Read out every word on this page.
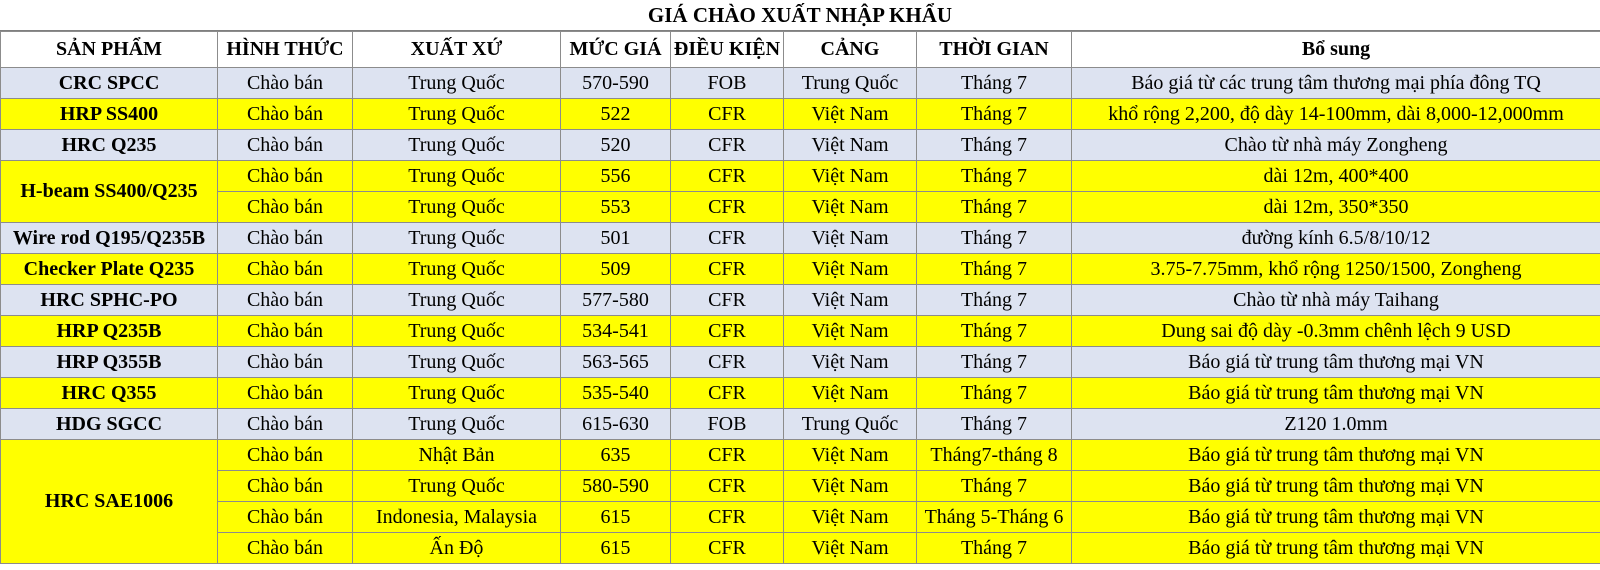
GIÁ CHÀO XUẤT NHẬP KHẨU
SẢN PHẨM	HÌNH THỨC	XUẤT XỨ	MỨC GIÁ	ĐIỀU KIỆN	CẢNG	THỜI GIAN	Bổ sung
CRC SPCC	Chào bán	Trung Quốc	570-590	FOB	Trung Quốc	Tháng 7	Báo giá từ các trung tâm thương mại phía đông TQ
HRP SS400	Chào bán	Trung Quốc	522	CFR	Việt Nam	Tháng 7	khổ rộng 2,200, độ dày 14-100mm, dài 8,000-12,000mm
HRC Q235	Chào bán	Trung Quốc	520	CFR	Việt Nam	Tháng 7	Chào từ nhà máy Zongheng
H-beam SS400/Q235	Chào bán	Trung Quốc	556	CFR	Việt Nam	Tháng 7	dài 12m, 400*400
	Chào bán	Trung Quốc	553	CFR	Việt Nam	Tháng 7	dài 12m, 350*350
Wire rod Q195/Q235B	Chào bán	Trung Quốc	501	CFR	Việt Nam	Tháng 7	đường kính 6.5/8/10/12
Checker Plate Q235	Chào bán	Trung Quốc	509	CFR	Việt Nam	Tháng 7	3.75-7.75mm, khổ rộng 1250/1500, Zongheng
HRC SPHC-PO	Chào bán	Trung Quốc	577-580	CFR	Việt Nam	Tháng 7	Chào từ nhà máy Taihang
HRP Q235B	Chào bán	Trung Quốc	534-541	CFR	Việt Nam	Tháng 7	Dung sai độ dày -0.3mm chênh lệch 9 USD
HRP Q355B	Chào bán	Trung Quốc	563-565	CFR	Việt Nam	Tháng 7	Báo giá từ trung tâm thương mại VN
HRC Q355	Chào bán	Trung Quốc	535-540	CFR	Việt Nam	Tháng 7	Báo giá từ trung tâm thương mại VN
HDG SGCC	Chào bán	Trung Quốc	615-630	FOB	Trung Quốc	Tháng 7	Z120 1.0mm
HRC SAE1006	Chào bán	Nhật Bản	635	CFR	Việt Nam	Tháng7-tháng 8	Báo giá từ trung tâm thương mại VN
	Chào bán	Trung Quốc	580-590	CFR	Việt Nam	Tháng 7	Báo giá từ trung tâm thương mại VN
	Chào bán	Indonesia, Malaysia	615	CFR	Việt Nam	Tháng 5-Tháng 6	Báo giá từ trung tâm thương mại VN
	Chào bán	Ấn Độ	615	CFR	Việt Nam	Tháng 7	Báo giá từ trung tâm thương mại VN
